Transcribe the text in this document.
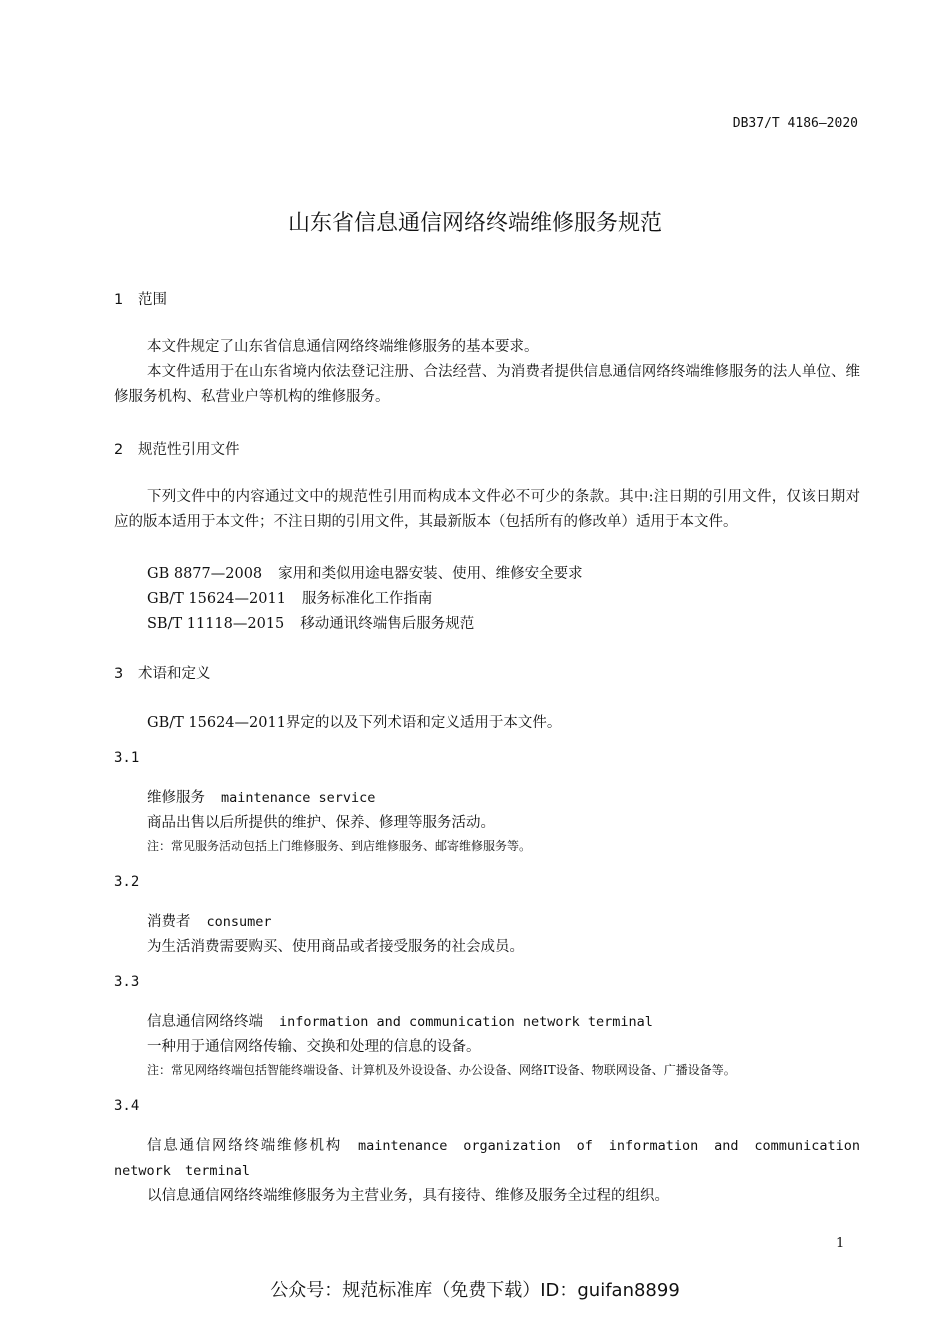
DB37/T 4186—2020
山东省信息通信网络终端维修服务规范
1 范围

本文件规定了山东省信息通信网络终端维修服务的基本要求。

本文件适用于在山东省境内依法登记注册、合法经营、为消费者提供信息通信网络终端维修服务的法人单位、维修服务机构、私营业户等机构的维修服务。

2 规范性引用文件

下列文件中的内容通过文中的规范性引用而构成本文件必不可少的条款。其中:注日期的引用文件，仅该日期对应的版本适用于本文件；不注日期的引用文件，其最新版本（包括所有的修改单）适用于本文件。

GB 8877—2008 家用和类似用途电器安装、使用、维修安全要求
GB/T 15624—2011 服务标准化工作指南
SB/T 11118—2015 移动通讯终端售后服务规范
3 术语和定义
GB/T 15624—2011界定的以及下列术语和定义适用于本文件。
3.1
维修服务 maintenance service
商品出售以后所提供的维护、保养、修理等服务活动。
注：常见服务活动包括上门维修服务、到店维修服务、邮寄维修服务等。
3.2
消费者 consumer
为生活消费需要购买、使用商品或者接受服务的社会成员。
3.3
信息通信网络终端 information and communication network terminal
一种用于通信网络传输、交换和处理的信息的设备。
注：常见网络终端包括智能终端设备、计算机及外设设备、办公设备、网络IT设备、物联网设备、广播设备等。
3.4
信息通信网络终端维修机构 maintenance organization of information and communication network terminal
以信息通信网络终端维修服务为主营业务，具有接待、维修及服务全过程的组织。
1
公众号：规范标准库（免费下载）ID：guifan8899
